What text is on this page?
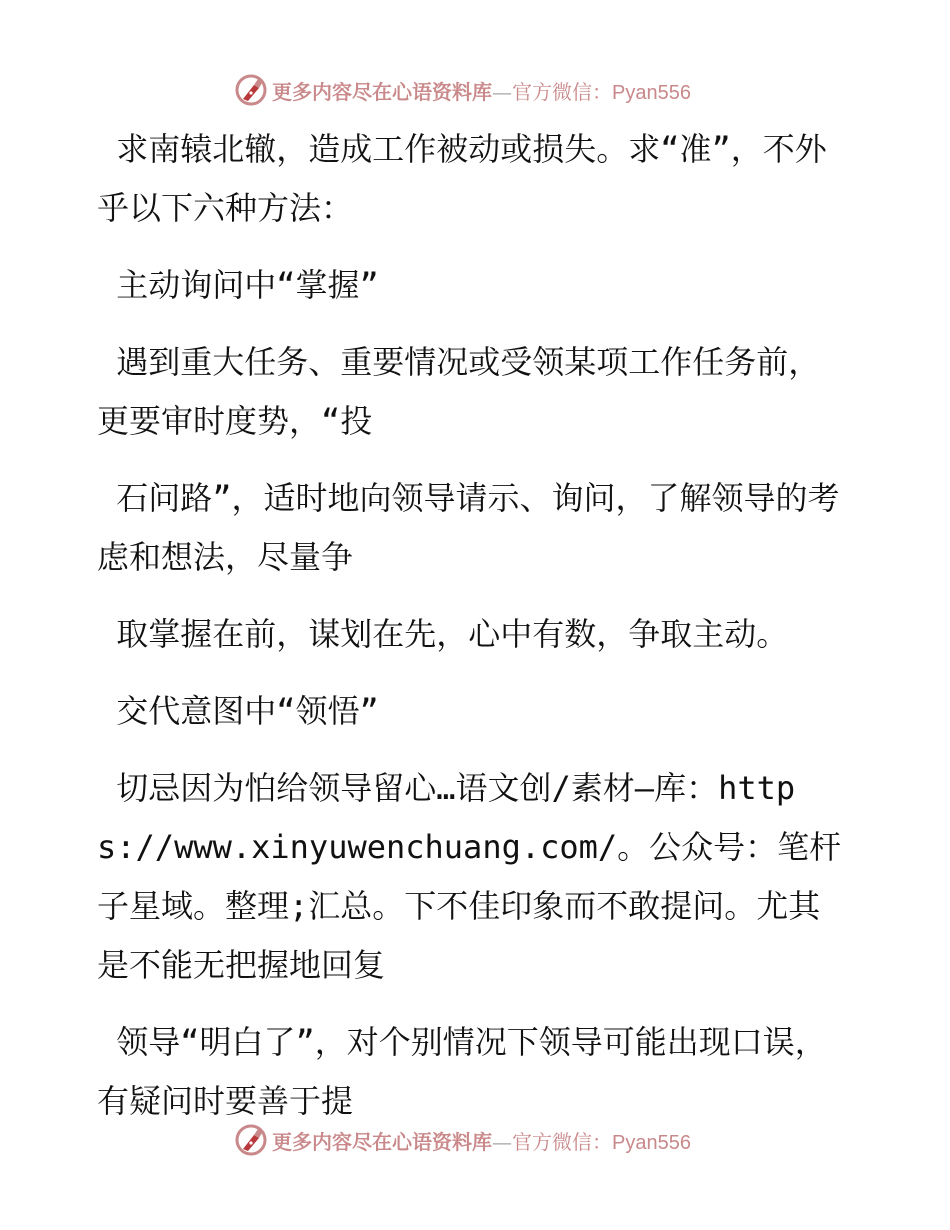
更多内容尽在心语资料库—官方微信：Pyan556

求南辕北辙，造成工作被动或损失。求“准”，不外乎以下六种方法：

主动询问中“掌握”

遇到重大任务、重要情况或受领某项工作任务前，更要审时度势，“投

石问路”，适时地向领导请示、询问，了解领导的考虑和想法，尽量争

取掌握在前，谋划在先，心中有数，争取主动。

交代意图中“领悟”

切忌因为怕给领导留心…语文创/素材—库：https://www.xinyuwenchuang.com/。公众号：笔杆子星域。整理;汇总。下不佳印象而不敢提问。尤其是不能无把握地回复

领导“明白了”，对个别情况下领导可能出现口误，有疑问时要善于提

更多内容尽在心语资料库—官方微信：Pyan556
